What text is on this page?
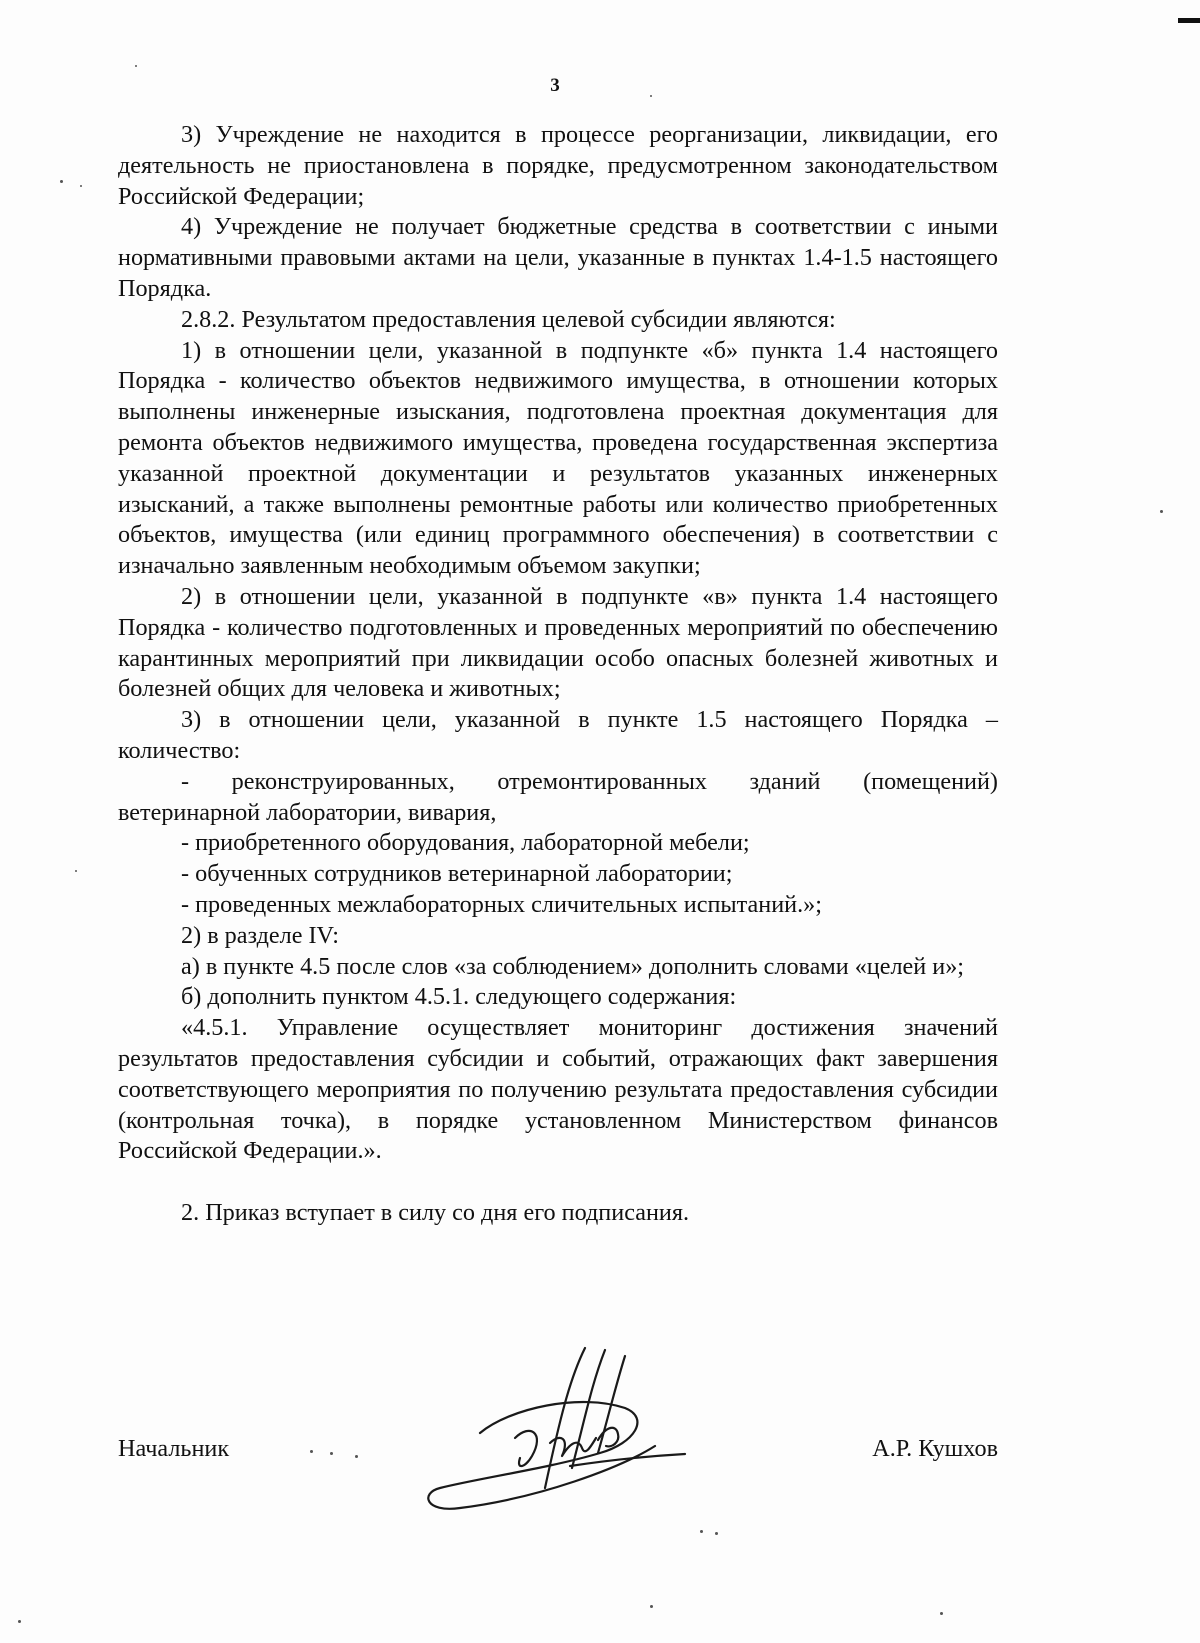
3

3) Учреждение не находится в процессе реорганизации, ликвидации, его деятельность не приостановлена в порядке, предусмотренном законодательством Российской Федерации;

4) Учреждение не получает бюджетные средства в соответствии с иными нормативными правовыми актами на цели, указанные в пунктах 1.4-1.5 настоящего Порядка.

2.8.2. Результатом предоставления целевой субсидии являются:

1) в отношении цели, указанной в подпункте «б» пункта 1.4 настоящего Порядка - количество объектов недвижимого имущества, в отношении которых выполнены инженерные изыскания, подготовлена проектная документация для ремонта объектов недвижимого имущества, проведена государственная экспертиза указанной проектной документации и результатов указанных инженерных изысканий, а также выполнены ремонтные работы или количество приобретенных объектов, имущества (или единиц программного обеспечения) в соответствии с изначально заявленным необходимым объемом закупки;

2) в отношении цели, указанной в подпункте «в» пункта 1.4 настоящего Порядка - количество подготовленных и проведенных мероприятий по обеспечению карантинных мероприятий при ликвидации особо опасных болезней животных и болезней общих для человека и животных;

3) в отношении цели, указанной в пункте 1.5 настоящего Порядка – количество:

- реконструированных, отремонтированных зданий (помещений) ветеринарной лаборатории, вивария,

- приобретенного оборудования, лабораторной мебели;

- обученных сотрудников ветеринарной лаборатории;

- проведенных межлабораторных сличительных испытаний.»;

2) в разделе IV:

а) в пункте 4.5 после слов «за соблюдением» дополнить словами «целей и»;

б) дополнить пунктом 4.5.1. следующего содержания:

«4.5.1. Управление осуществляет мониторинг достижения значений результатов предоставления субсидии и событий, отражающих факт завершения соответствующего мероприятия по получению результата предоставления субсидии (контрольная точка), в порядке установленном Министерством финансов Российской Федерации.».

2. Приказ вступает в силу со дня его подписания.

Начальник	А.Р. Кушхов
